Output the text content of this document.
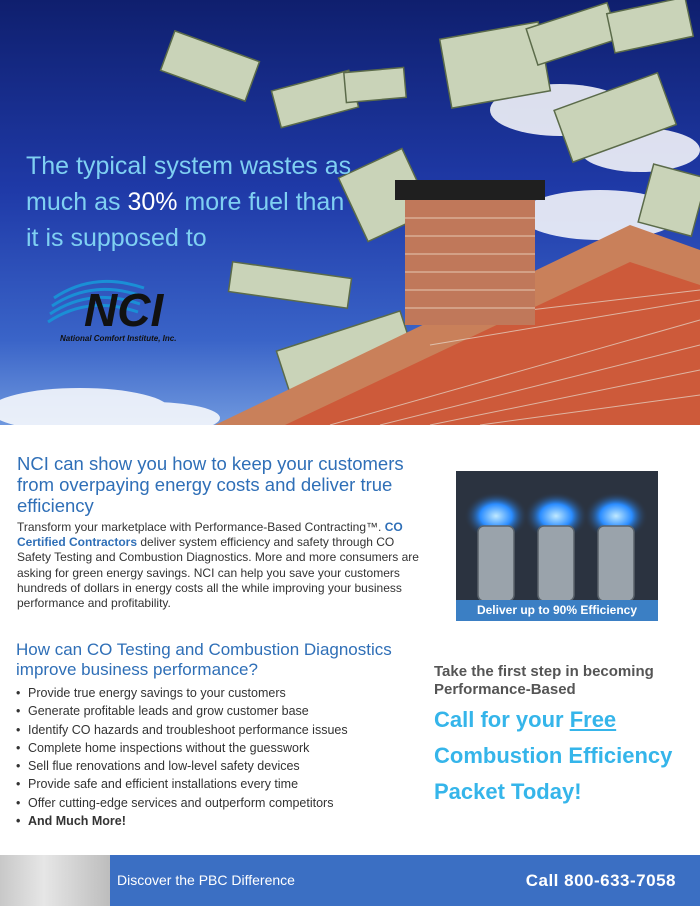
The typical system wastes as much as 30% more fuel than it is supposed to
NCI
National Comfort Institute, Inc.
NCI can show you how to keep your customers from overpaying energy costs and deliver true efficiency
Transform your marketplace with Performance-Based Contracting™. CO Certified Contractors deliver system efficiency and safety through CO Safety Testing and Combustion Diagnostics. More and more consumers are asking for green energy savings. NCI can help you save your customers hundreds of dollars in energy costs all the while improving your business performance and profitability.	Deliver up to 90% Efficiency
How can CO Testing and Combustion Diagnostics improve business performance?
• Provide true energy savings to your customers
• Generate profitable leads and grow customer base
• Identify CO hazards and troubleshoot performance issues
• Complete home inspections without the guesswork
• Sell flue renovations and low-level safety devices
• Provide safe and efficient installations every time
• Offer cutting-edge services and outperform competitors
• And Much More!
Take the first step in becoming Performance-Based
Call for your Free
Combustion Efficiency
Packet Today!
Discover the PBC Difference	Call 800-633-7058
